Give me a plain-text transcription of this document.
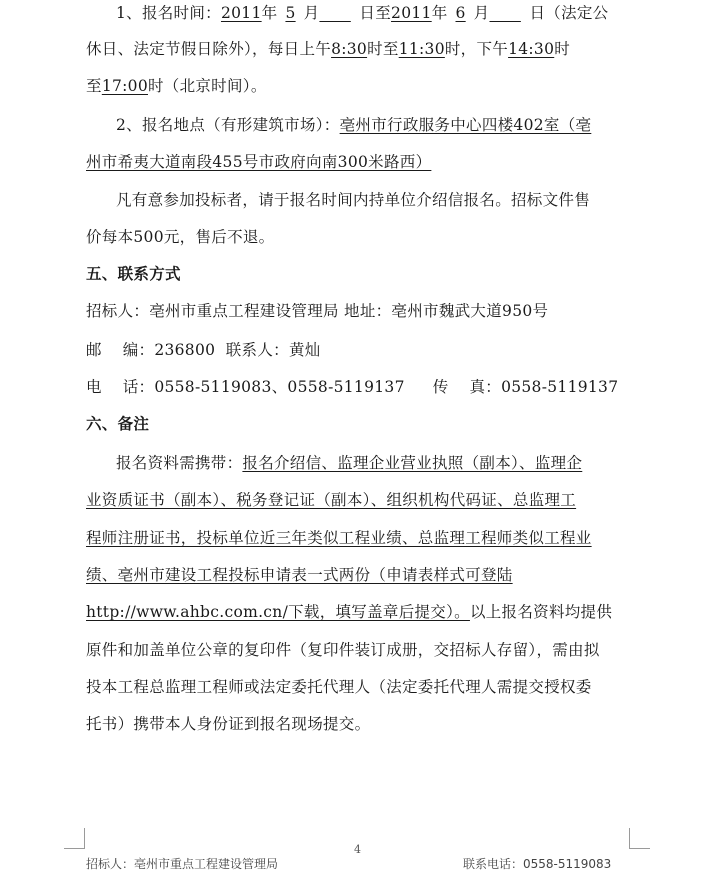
1、报名时间：2011年 5 月	日至2011年 6 月	日（法定公
休日、法定节假日除外），每日上午8:30时至11:30时，下午14:30时
至17:00时（北京时间）。
2、报名地点（有形建筑市场）：亳州市行政服务中心四楼402室（亳
州市希夷大道南段455号市政府向南300米路西）
凡有意参加投标者，请于报名时间内持单位介绍信报名。招标文件售
价每本500元，售后不退。
五、联系方式
招标人：亳州市重点工程建设管理局 地址：亳州市魏武大道950号
邮    编：236800  联系人：黄灿
电    话：0558-5119083、0558-5119137 传    真：0558-5119137
六、备注
报名资料需携带：报名介绍信、监理企业营业执照（副本）、监理企
业资质证书（副本）、税务登记证（副本）、组织机构代码证、总监理工
程师注册证书，投标单位近三年类似工程业绩、总监理工程师类似工程业
绩、亳州市建设工程投标申请表一式两份（申请表样式可登陆
http://www.ahbc.com.cn/下载，填写盖章后提交）。以上报名资料均提供
原件和加盖单位公章的复印件（复印件装订成册，交招标人存留），需由拟
投本工程总监理工程师或法定委托代理人（法定委托代理人需提交授权委
托书）携带本人身份证到报名现场提交。
4
招标人：亳州市重点工程建设管理局	联系电话：0558-5119083
